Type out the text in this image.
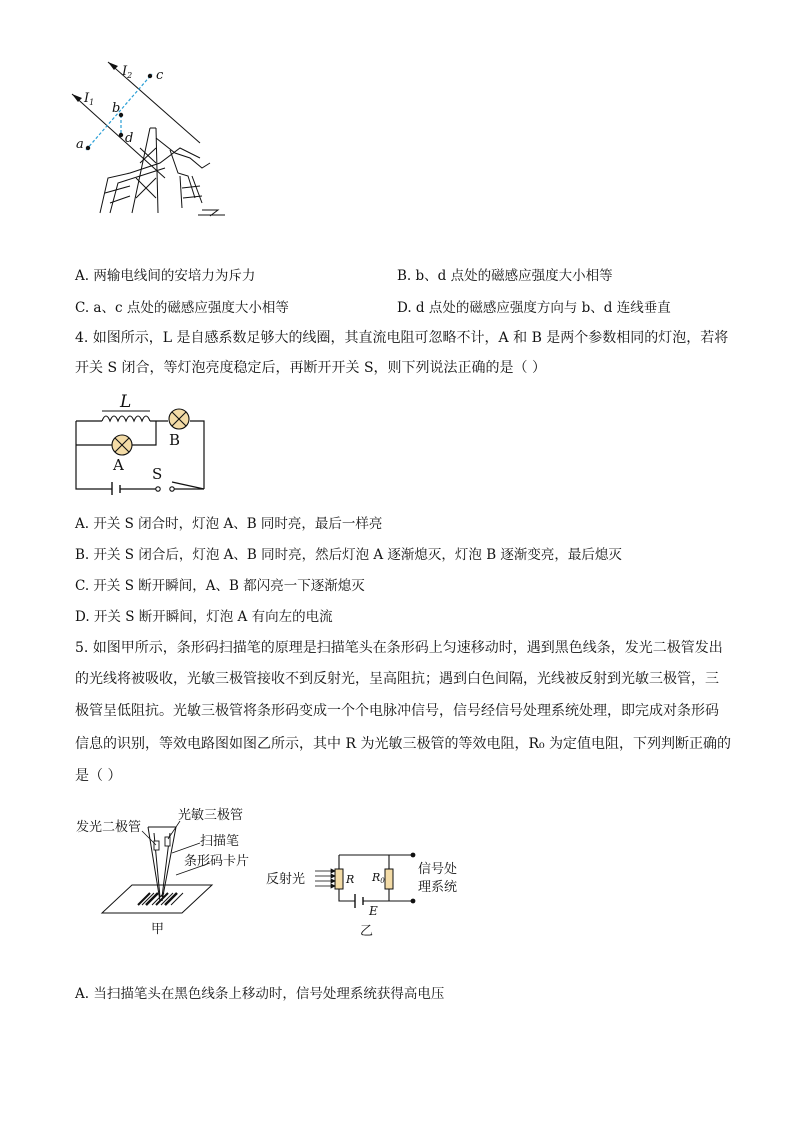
$I_2$
$I_1$
a
b
c
d
A. 两输电线间的安培力为斥力	B. b、d 点处的磁感应强度大小相等
C. a、c 点处的磁感应强度大小相等	D. d 点处的磁感应强度方向与 b、d 连线垂直
4. 如图所示，L 是自感系数足够大的线圈，其直流电阻可忽略不计，A 和 B 是两个参数相同的灯泡，若将
开关 S 闭合，等灯泡亮度稳定后，再断开开关 S，则下列说法正确的是（ ）
L
A
B
S
A. 开关 S 闭合时，灯泡 A、B 同时亮，最后一样亮
B. 开关 S 闭合后，灯泡 A、B 同时亮，然后灯泡 A 逐渐熄灭，灯泡 B 逐渐变亮，最后熄灭
C. 开关 S 断开瞬间，A、B 都闪亮一下逐渐熄灭
D. 开关 S 断开瞬间，灯泡 A 有向左的电流
5. 如图甲所示，条形码扫描笔的原理是扫描笔头在条形码上匀速移动时，遇到黑色线条，发光二极管发出
的光线将被吸收，光敏三极管接收不到反射光，呈高阻抗；遇到白色间隔，光线被反射到光敏三极管，三
极管呈低阻抗。光敏三极管将条形码变成一个个电脉冲信号，信号经信号处理系统处理，即完成对条形码
信息的识别，等效电路图如图乙所示，其中 R 为光敏三极管的等效电阻，R₀ 为定值电阻，下列判断正确的
是（ ）
发光二极管
光敏三极管
扫描笔
条形码卡片
甲
反射光	R R0
E
信号处
理系统
乙
A. 当扫描笔头在黑色线条上移动时，信号处理系统获得高电压
